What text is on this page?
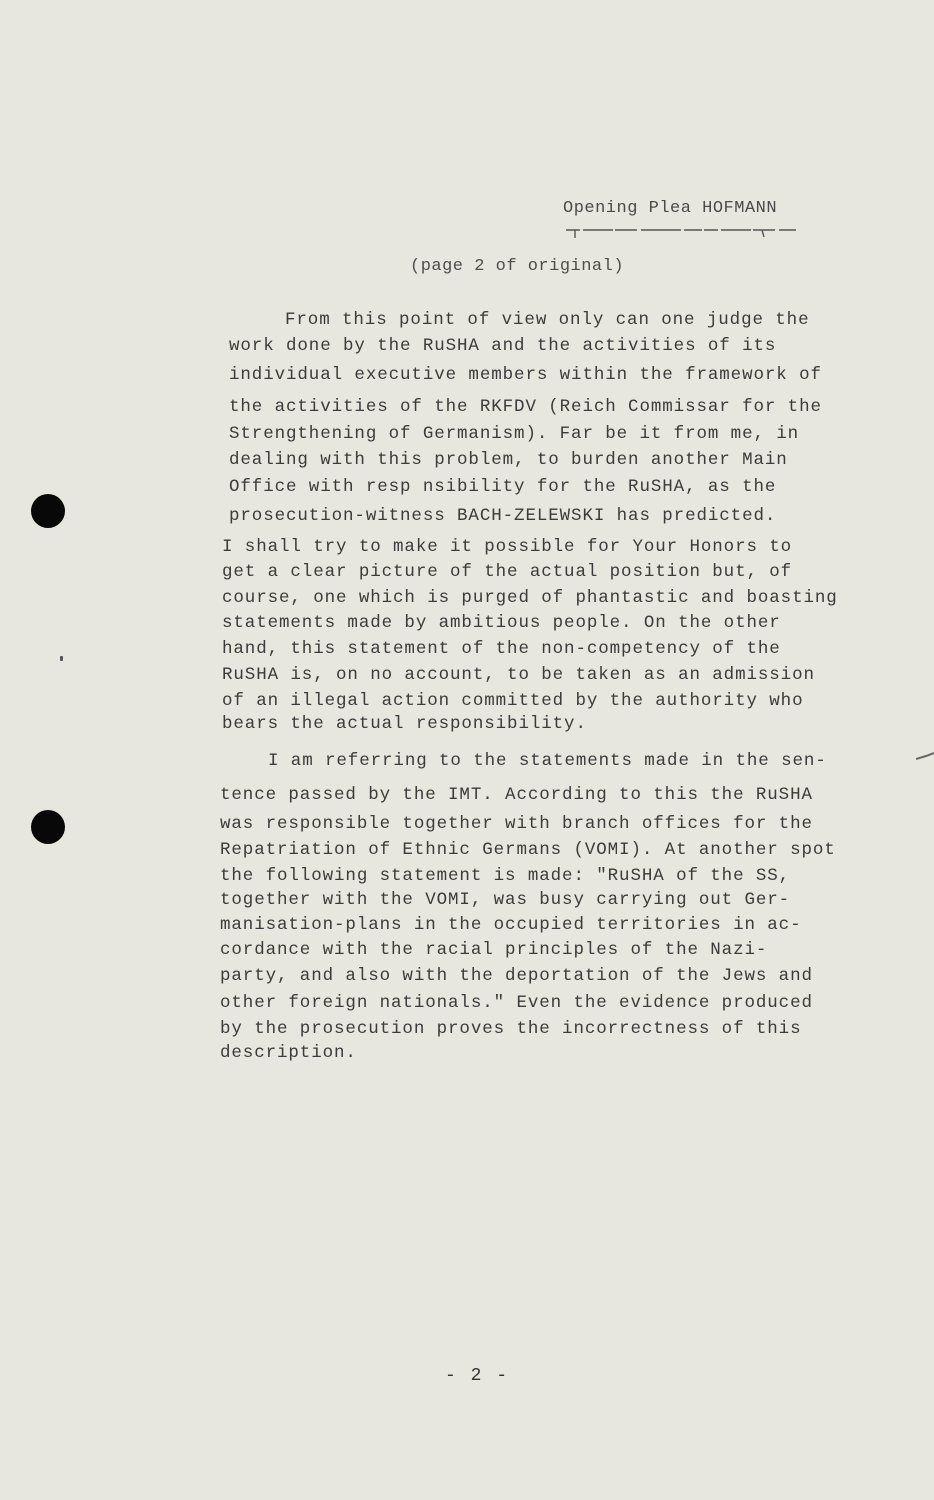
Opening Plea HOFMANN
(page 2 of original)
From this point of view only can one judge the
work done by the RuSHA and the activities of its
individual executive members within the framework of
the activities of the RKFDV (Reich Commissar for the
Strengthening of Germanism). Far be it from me, in
dealing with this problem, to burden another Main
Office with resp nsibility for the RuSHA, as the
prosecution-witness BACH-ZELEWSKI has predicted.
I shall try to make it possible for Your Honors to
get a clear picture of the actual position but, of
course, one which is purged of phantastic and boasting
statements made by ambitious people. On the other
hand, this statement of the non-competency of the
RuSHA is, on no account, to be taken as an admission
of an illegal action committed by the authority who
bears the actual responsibility.
I am referring to the statements made in the sen-
tence passed by the IMT. According to this the RuSHA
was responsible together with branch offices for the
Repatriation of Ethnic Germans (VOMI). At another spot
the following statement is made: "RuSHA of the SS,
together with the VOMI, was busy carrying out Ger-
manisation-plans in the occupied territories in ac-
cordance with the racial principles of the Nazi-
party, and also with the deportation of the Jews and
other foreign nationals." Even the evidence produced
by the prosecution proves the incorrectness of this
description.
- 2 -
